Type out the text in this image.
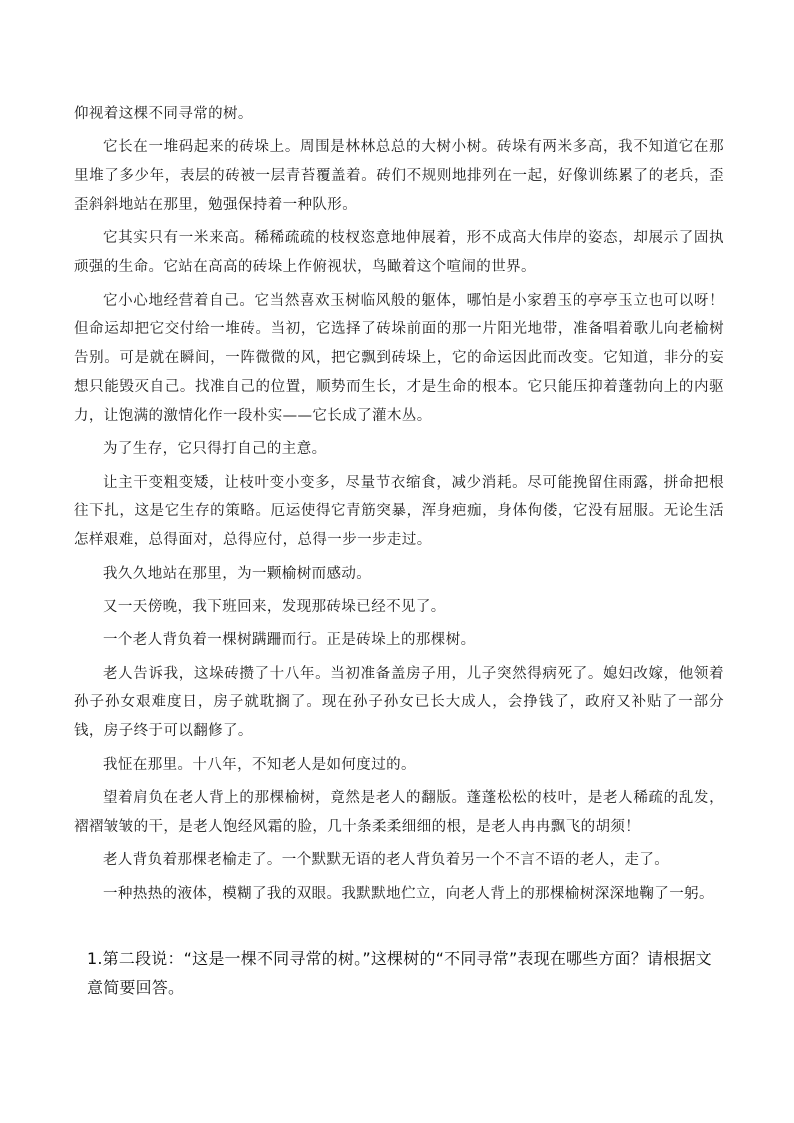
仰视着这棵不同寻常的树。

它长在一堆码起来的砖垛上。周围是林林总总的大树小树。砖垛有两米多高，我不知道它在那里堆了多少年，表层的砖被一层青苔覆盖着。砖们不规则地排列在一起，好像训练累了的老兵，歪歪斜斜地站在那里，勉强保持着一种队形。

它其实只有一米来高。稀稀疏疏的枝杈恣意地伸展着，形不成高大伟岸的姿态，却展示了固执顽强的生命。它站在高高的砖垛上作俯视状，鸟瞰着这个喧闹的世界。

它小心地经营着自己。它当然喜欢玉树临风般的躯体，哪怕是小家碧玉的亭亭玉立也可以呀！但命运却把它交付给一堆砖。当初，它选择了砖垛前面的那一片阳光地带，准备唱着歌儿向老榆树告别。可是就在瞬间，一阵微微的风，把它飘到砖垛上，它的命运因此而改变。它知道，非分的妄想只能毁灭自己。找准自己的位置，顺势而生长，才是生命的根本。它只能压抑着蓬勃向上的内驱力，让饱满的激情化作一段朴实——它长成了灌木丛。

为了生存，它只得打自己的主意。

让主干变粗变矮，让枝叶变小变多，尽量节衣缩食，减少消耗。尽可能挽留住雨露，拼命把根往下扎，这是它生存的策略。厄运使得它青筋突暴，浑身疤痂，身体佝偻，它没有屈服。无论生活怎样艰难，总得面对，总得应付，总得一步一步走过。

我久久地站在那里，为一颗榆树而感动。

又一天傍晚，我下班回来，发现那砖垛已经不见了。

一个老人背负着一棵树蹒跚而行。正是砖垛上的那棵树。

老人告诉我，这垛砖攒了十八年。当初准备盖房子用，儿子突然得病死了。媳妇改嫁，他领着孙子孙女艰难度日，房子就耽搁了。现在孙子孙女已长大成人，会挣钱了，政府又补贴了一部分钱，房子终于可以翻修了。

我怔在那里。十八年，不知老人是如何度过的。

望着肩负在老人背上的那棵榆树，竟然是老人的翻版。蓬蓬松松的枝叶，是老人稀疏的乱发，褶褶皱皱的干，是老人饱经风霜的脸，几十条柔柔细细的根，是老人冉冉飘飞的胡须！

老人背负着那棵老榆走了。一个默默无语的老人背负着另一个不言不语的老人，走了。

一种热热的液体，模糊了我的双眼。我默默地伫立，向老人背上的那棵榆树深深地鞠了一躬。

1.第二段说：“这是一棵不同寻常的树。”这棵树的“不同寻常”表现在哪些方面？请根据文意简要回答。
